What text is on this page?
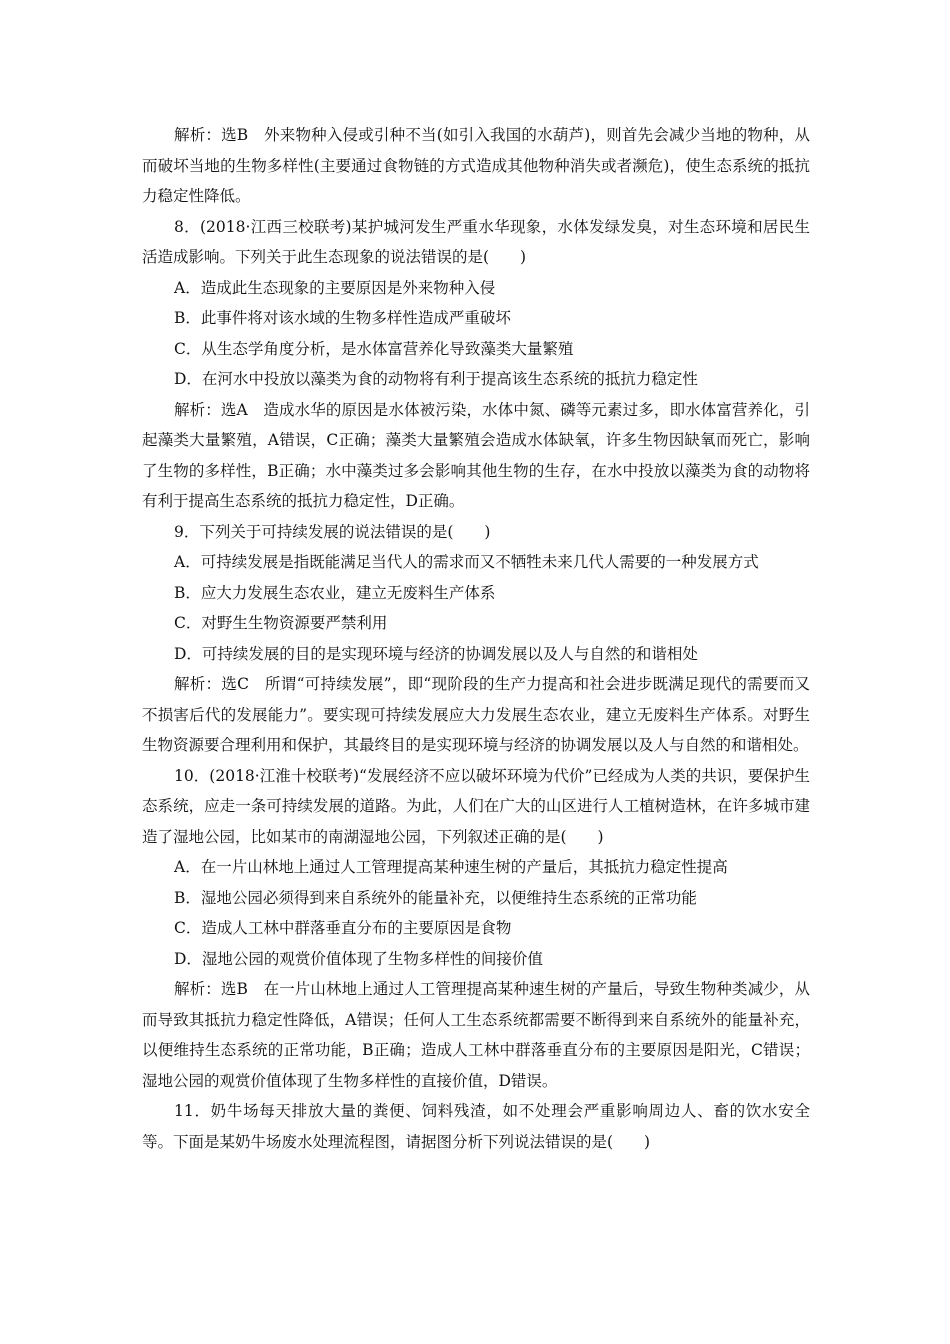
解析：选B　外来物种入侵或引种不当(如引入我国的水葫芦)，则首先会减少当地的物种，从而破坏当地的生物多样性(主要通过食物链的方式造成其他物种消失或者濒危)，使生态系统的抵抗力稳定性降低。

8．(2018·江西三校联考)某护城河发生严重水华现象，水体发绿发臭，对生态环境和居民生活造成影响。下列关于此生态现象的说法错误的是(　　)

A．造成此生态现象的主要原因是外来物种入侵

B．此事件将对该水域的生物多样性造成严重破坏

C．从生态学角度分析，是水体富营养化导致藻类大量繁殖

D．在河水中投放以藻类为食的动物将有利于提高该生态系统的抵抗力稳定性

解析：选A　造成水华的原因是水体被污染，水体中氮、磷等元素过多，即水体富营养化，引起藻类大量繁殖，A错误，C正确；藻类大量繁殖会造成水体缺氧，许多生物因缺氧而死亡，影响了生物的多样性，B正确；水中藻类过多会影响其他生物的生存，在水中投放以藻类为食的动物将有利于提高生态系统的抵抗力稳定性，D正确。

9．下列关于可持续发展的说法错误的是(　　)

A．可持续发展是指既能满足当代人的需求而又不牺牲未来几代人需要的一种发展方式

B．应大力发展生态农业，建立无废料生产体系

C．对野生生物资源要严禁利用

D．可持续发展的目的是实现环境与经济的协调发展以及人与自然的和谐相处

解析：选C　所谓“可持续发展”，即“现阶段的生产力提高和社会进步既满足现代的需要而又不损害后代的发展能力”。要实现可持续发展应大力发展生态农业，建立无废料生产体系。对野生生物资源要合理利用和保护，其最终目的是实现环境与经济的协调发展以及人与自然的和谐相处。

10．(2018·江淮十校联考)“发展经济不应以破坏环境为代价”已经成为人类的共识，要保护生态系统，应走一条可持续发展的道路。为此，人们在广大的山区进行人工植树造林，在许多城市建造了湿地公园，比如某市的南湖湿地公园，下列叙述正确的是(　　)

A．在一片山林地上通过人工管理提高某种速生树的产量后，其抵抗力稳定性提高

B．湿地公园必须得到来自系统外的能量补充，以便维持生态系统的正常功能

C．造成人工林中群落垂直分布的主要原因是食物

D．湿地公园的观赏价值体现了生物多样性的间接价值

解析：选B　在一片山林地上通过人工管理提高某种速生树的产量后，导致生物种类减少，从而导致其抵抗力稳定性降低，A错误；任何人工生态系统都需要不断得到来自系统外的能量补充，以便维持生态系统的正常功能，B正确；造成人工林中群落垂直分布的主要原因是阳光，C错误；湿地公园的观赏价值体现了生物多样性的直接价值，D错误。

11．奶牛场每天排放大量的粪便、饲料残渣，如不处理会严重影响周边人、畜的饮水安全等。下面是某奶牛场废水处理流程图，请据图分析下列说法错误的是(　　)
